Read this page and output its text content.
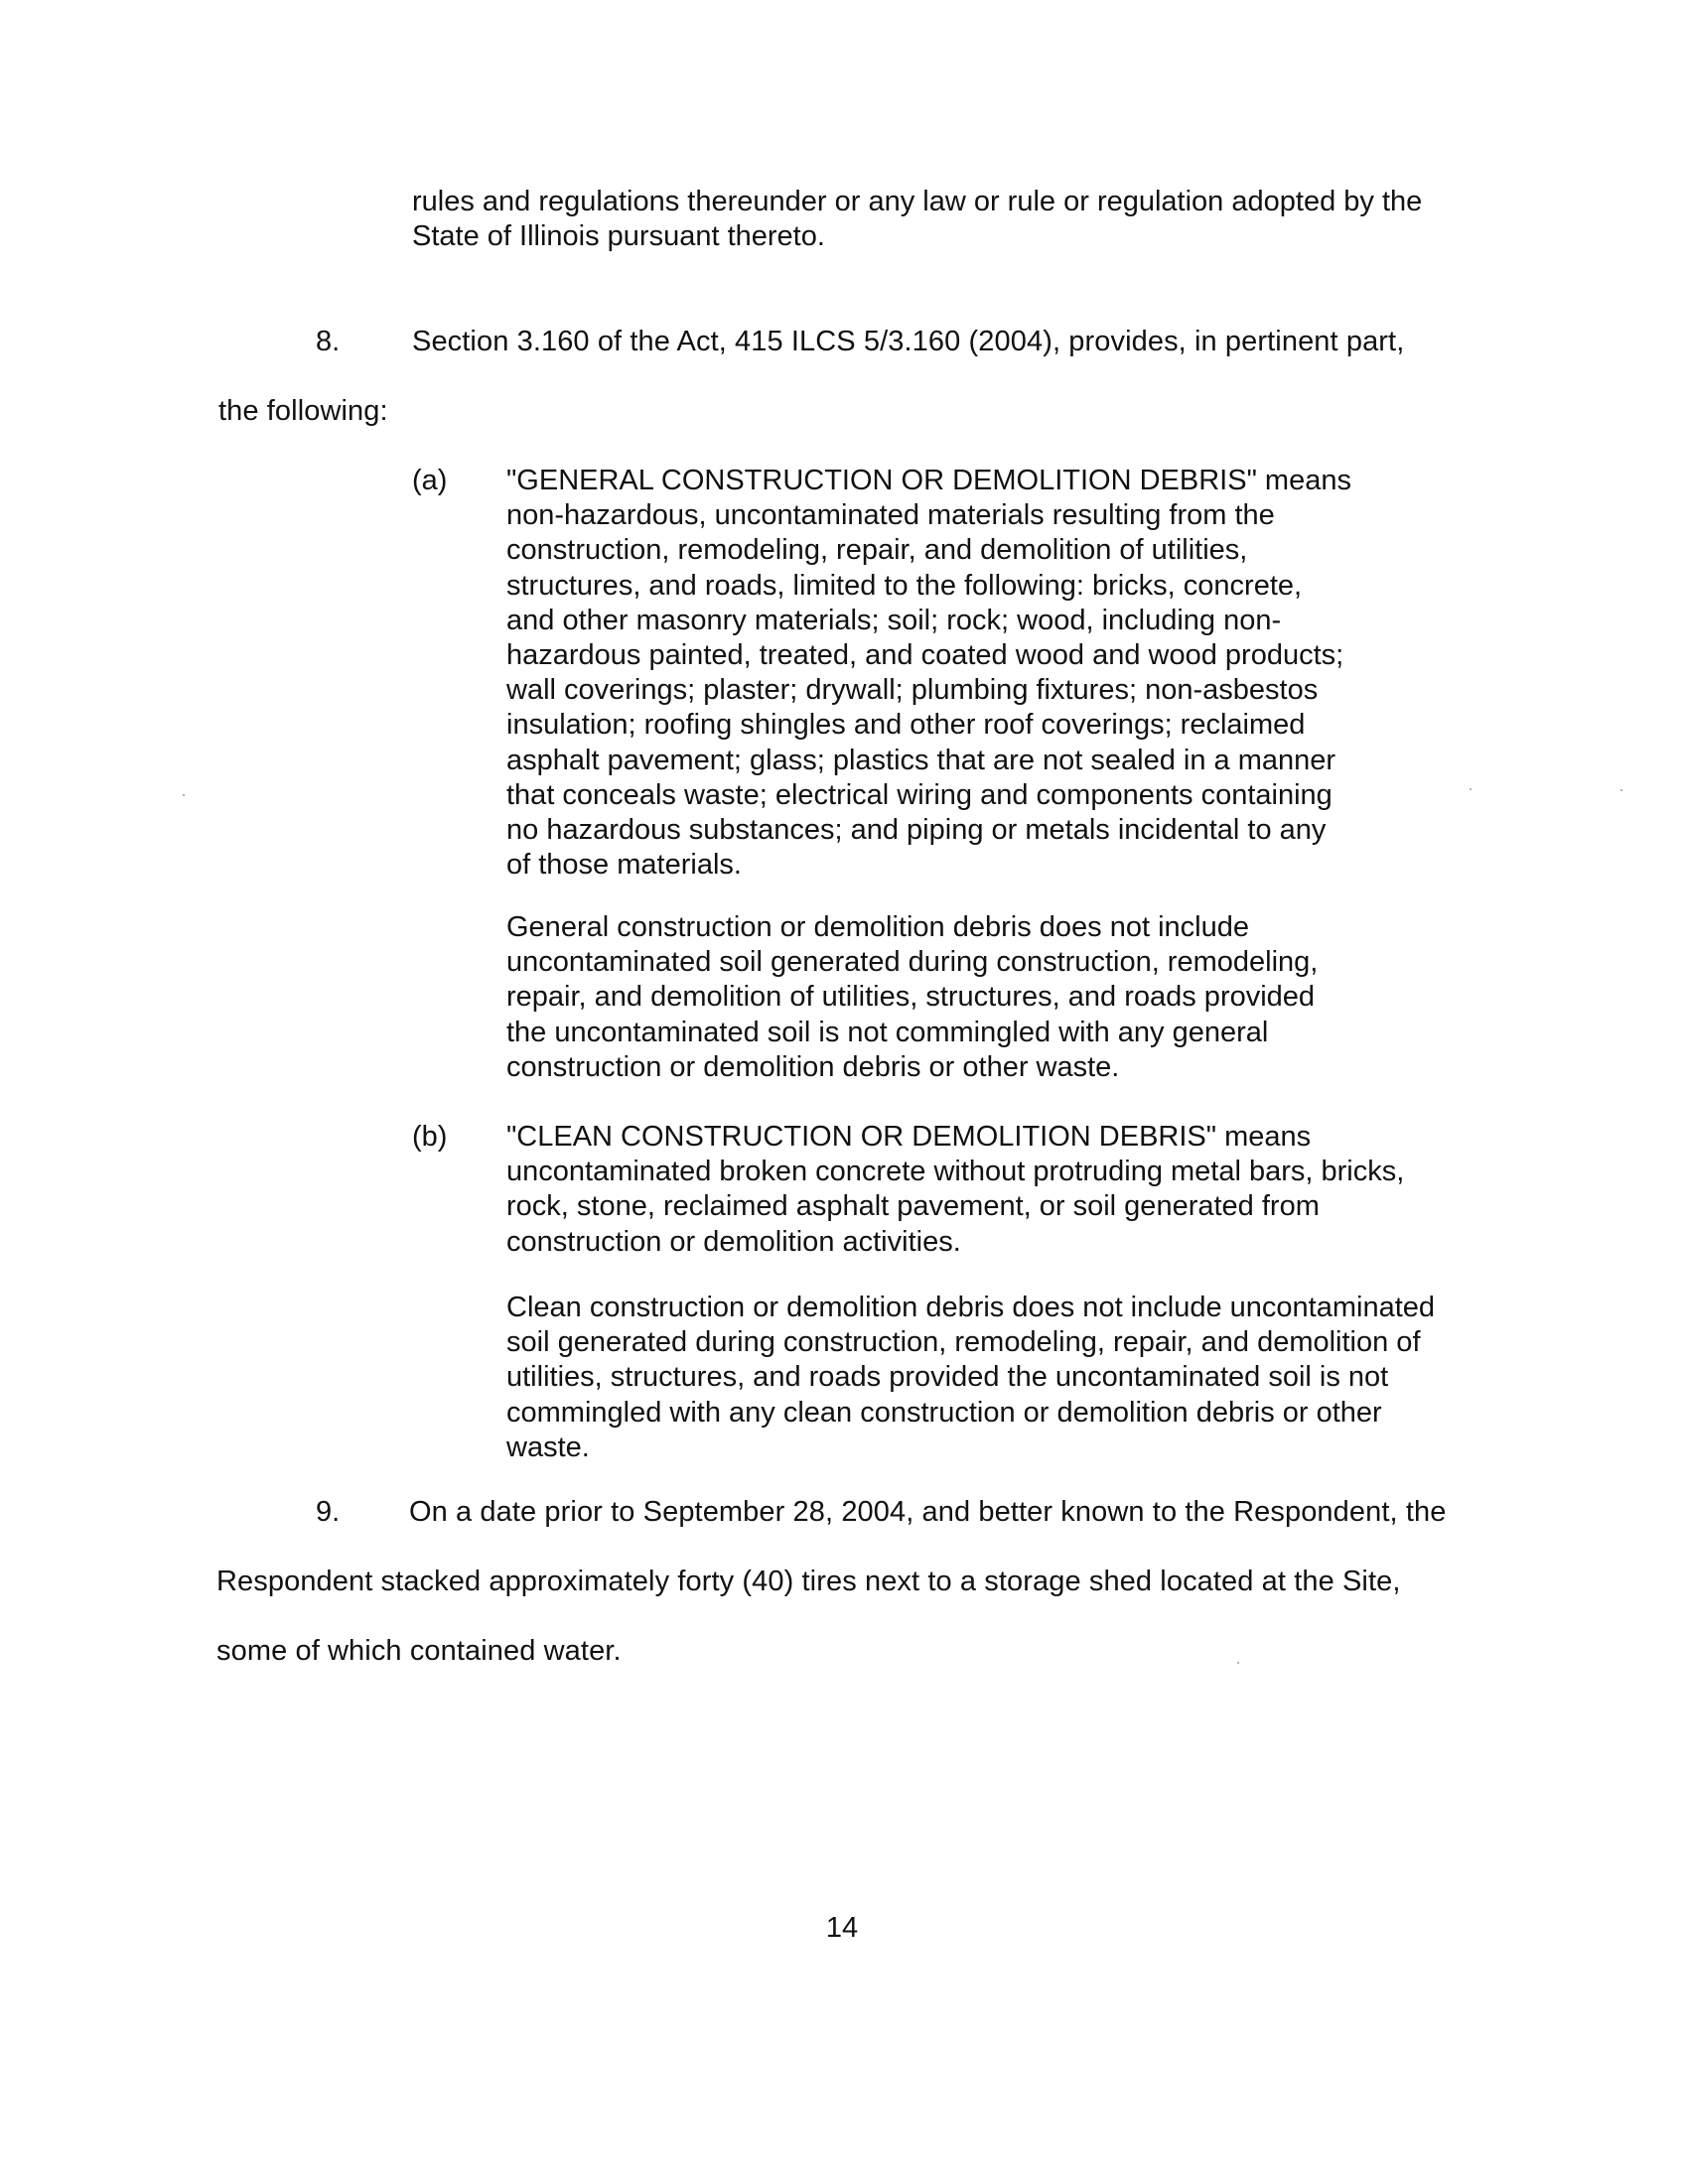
rules and regulations thereunder or any law or rule or regulation adopted by the
State of Illinois pursuant thereto.
8.	Section 3.160 of the Act, 415 ILCS 5/3.160 (2004), provides, in pertinent part,
the following:
(a) "GENERAL CONSTRUCTION OR DEMOLITION DEBRIS" means
non-hazardous, uncontaminated materials resulting from the
construction, remodeling, repair, and demolition of utilities,
structures, and roads, limited to the following: bricks, concrete,
and other masonry materials; soil; rock; wood, including non-
hazardous painted, treated, and coated wood and wood products;
wall coverings; plaster; drywall; plumbing fixtures; non-asbestos
insulation; roofing shingles and other roof coverings; reclaimed
asphalt pavement; glass; plastics that are not sealed in a manner
that conceals waste; electrical wiring and components containing
no hazardous substances; and piping or metals incidental to any
of those materials.
General construction or demolition debris does not include
uncontaminated soil generated during construction, remodeling,
repair, and demolition of utilities, structures, and roads provided
the uncontaminated soil is not commingled with any general
construction or demolition debris or other waste.
(b) "CLEAN CONSTRUCTION OR DEMOLITION DEBRIS" means
uncontaminated broken concrete without protruding metal bars, bricks,
rock, stone, reclaimed asphalt pavement, or soil generated from
construction or demolition activities.
Clean construction or demolition debris does not include uncontaminated
soil generated during construction, remodeling, repair, and demolition of
utilities, structures, and roads provided the uncontaminated soil is not
commingled with any clean construction or demolition debris or other
waste.
9. On a date prior to September 28, 2004, and better known to the Respondent, the
Respondent stacked approximately forty (40) tires next to a storage shed located at the Site,
some of which contained water.
14
